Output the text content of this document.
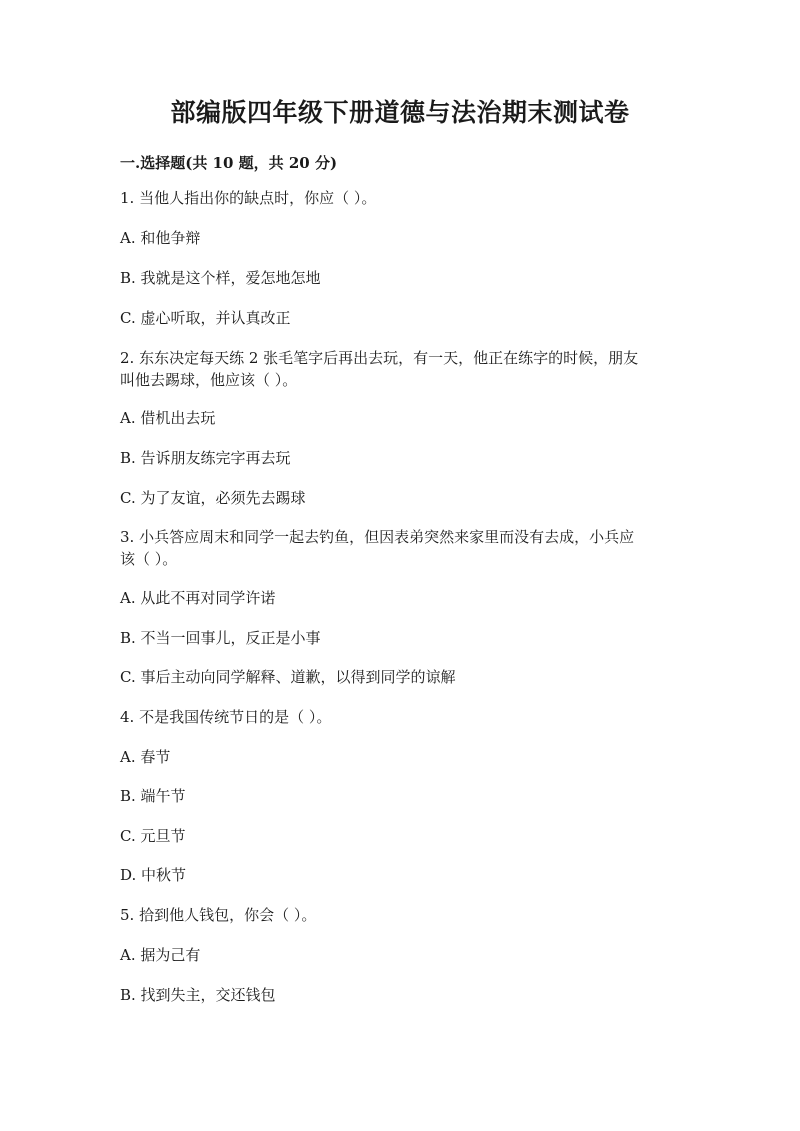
部编版四年级下册道德与法治期末测试卷
一.选择题(共 10 题，共 20 分)
1. 当他人指出你的缺点时，你应（ ）。
A. 和他争辩
B. 我就是这个样，爱怎地怎地
C. 虚心听取，并认真改正
2. 东东决定每天练 2 张毛笔字后再出去玩，有一天，他正在练字的时候，朋友
叫他去踢球，他应该（ ）。
A. 借机出去玩
B. 告诉朋友练完字再去玩
C. 为了友谊，必须先去踢球
3. 小兵答应周末和同学一起去钓鱼，但因表弟突然来家里而没有去成，小兵应
该（ ）。
A. 从此不再对同学许诺
B. 不当一回事儿，反正是小事
C. 事后主动向同学解释、道歉，以得到同学的谅解
4. 不是我国传统节日的是（ ）。
A. 春节
B. 端午节
C. 元旦节
D. 中秋节
5. 拾到他人钱包，你会（ ）。
A. 据为己有
B. 找到失主，交还钱包
